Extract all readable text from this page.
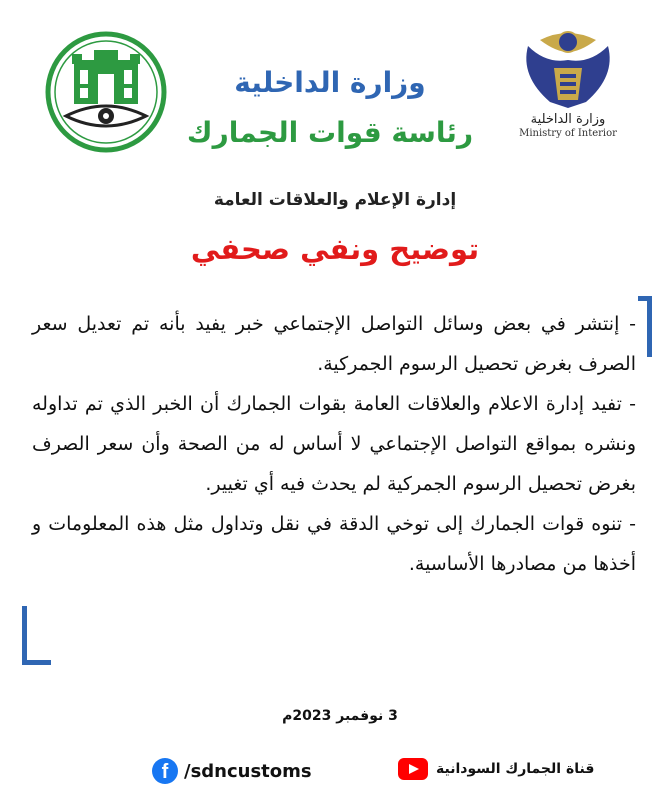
وزارة الداخلية
Ministry of Interior
وزارة الداخلية
رئاسة قوات الجمارك
إدارة الإعلام والعلاقات العامة
توضيح ونفي صحفي

- إنتشر في بعض وسائل التواصل الإجتماعي خبر يفيد بأنه تم تعديل سعر الصرف بغرض تحصيل الرسوم الجمركية.

- تفيد إدارة الاعلام والعلاقات العامة بقوات الجمارك أن الخبر الذي تم تداوله ونشره بمواقع التواصل الإجتماعي لا أساس له من الصحة وأن سعر الصرف بغرض تحصيل الرسوم الجمركية لم يحدث فيه أي تغيير.

- تنوه قوات الجمارك إلى توخي الدقة في نقل وتداول مثل هذه المعلومات و أخذها من مصادرها الأساسية.

3 نوفمبر 2023م
f /sdncustoms	قناة الجمارك السودانية
